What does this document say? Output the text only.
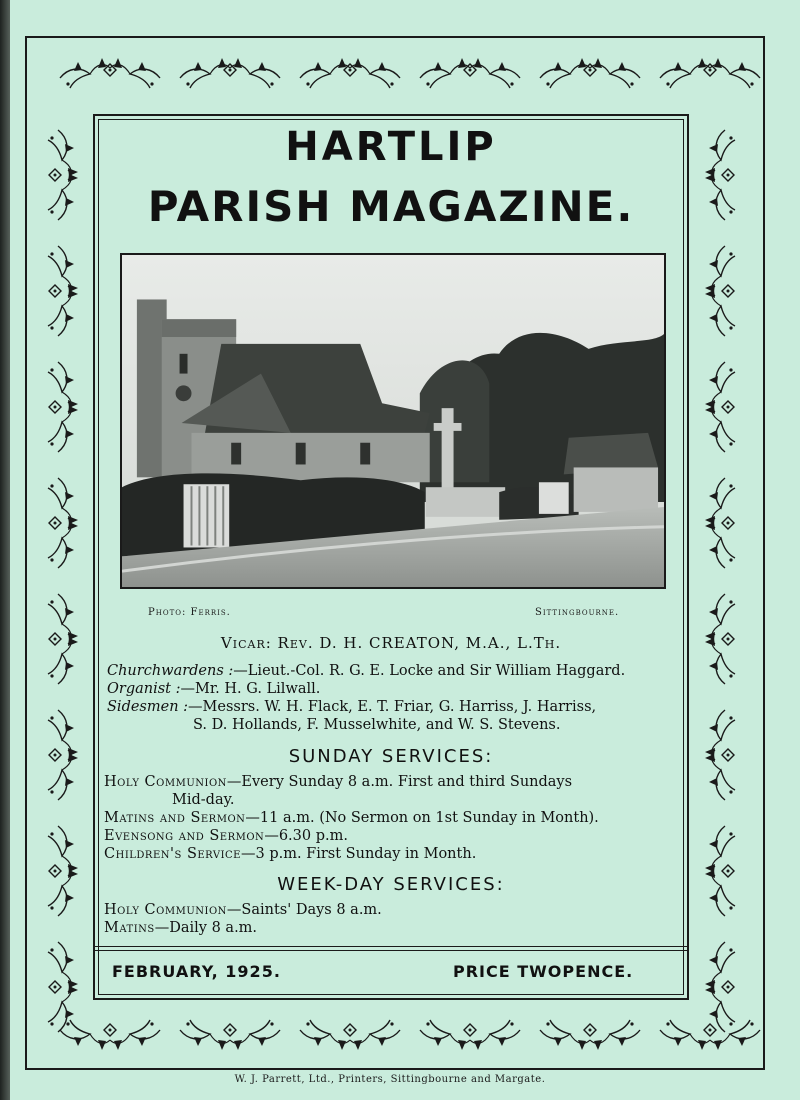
HARTLIP
PARISH MAGAZINE.
Photo: Ferris.	Sittingbourne.
Vicar: Rev. D. H. CREATON, M.A., L.Th.
Churchwardens :—Lieut.-Col. R. G. E. Locke and Sir William Haggard.
Organist :—Mr. H. G. Lilwall.
Sidesmen :—Messrs. W. H. Flack, E. T. Friar, G. Harriss, J. Harriss,
S. D. Hollands, F. Musselwhite, and W. S. Stevens.
SUNDAY SERVICES:
Holy Communion—Every Sunday 8 a.m. First and third Sundays
Mid-day.
Matins and Sermon—11 a.m. (No Sermon on 1st Sunday in Month).
Evensong and Sermon—6.30 p.m.
Children's Service—3 p.m. First Sunday in Month.
WEEK-DAY SERVICES:
Holy Communion—Saints' Days 8 a.m.
Matins—Daily 8 a.m.
FEBRUARY, 1925.	PRICE TWOPENCE.
W. J. Parrett, Ltd., Printers, Sittingbourne and Margate.
